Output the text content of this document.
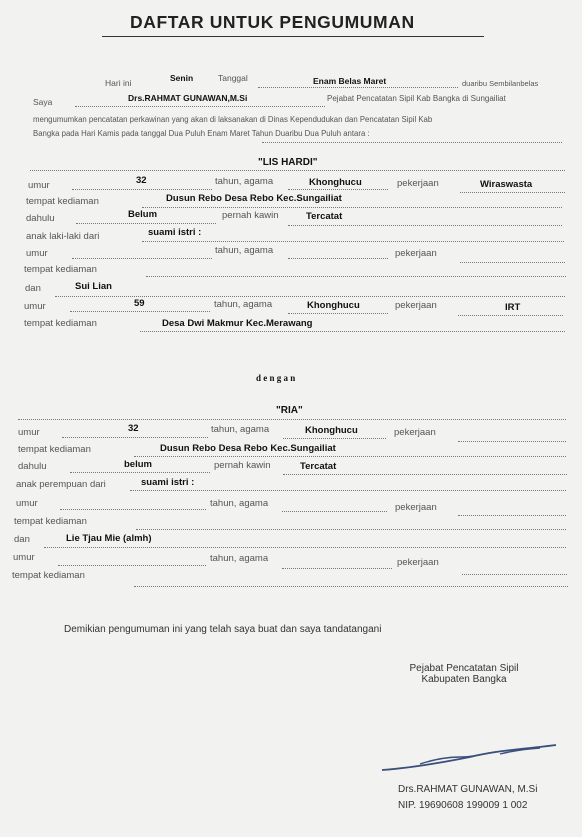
DAFTAR UNTUK PENGUMUMAN
Hari ini	Senin	Tanggal	Enam Belas Maret	duaribu Sembilanbelas
Saya	Drs.RAHMAT GUNAWAN,M.Si	Pejabat Pencatatan Sipil Kab Bangka di Sungailiat
mengumumkan pencatatan perkawinan yang akan di laksanakan di Dinas Kependudukan dan Pencatatan Sipil Kab
Bangka pada Hari Kamis pada tanggal Dua Puluh Enam Maret Tahun Duaribu Dua Puluh antara :
"LIS HARDI"
umur	32	tahun, agama	Khonghucu	pekerjaan	Wiraswasta
tempat kediaman	Dusun Rebo Desa Rebo Kec.Sungailiat
dahulu	Belum	pernah kawin	Tercatat
anak laki-laki dari	suami istri :
umur	tahun, agama	pekerjaan
tempat kediaman
dan	Sui Lian
umur	59	tahun, agama	Khonghucu	pekerjaan	IRT
tempat kediaman	Desa Dwi Makmur Kec.Merawang
d e n g a n
"RIA"
umur	32	tahun, agama	Khonghucu	pekerjaan
tempat kediaman	Dusun Rebo Desa Rebo Kec.Sungailiat
dahulu	belum	pernah kawin	Tercatat
anak perempuan dari	suami istri :
umur	tahun, agama	pekerjaan
tempat kediaman
dan	Lie Tjau Mie (almh)
umur	tahun, agama	pekerjaan
tempat kediaman
Demikian pengumuman ini yang telah saya buat dan saya tandatangani
Pejabat Pencatatan Sipil
Kabupaten Bangka
Drs.RAHMAT GUNAWAN, M.Si
NIP. 19690608 199009 1 002
